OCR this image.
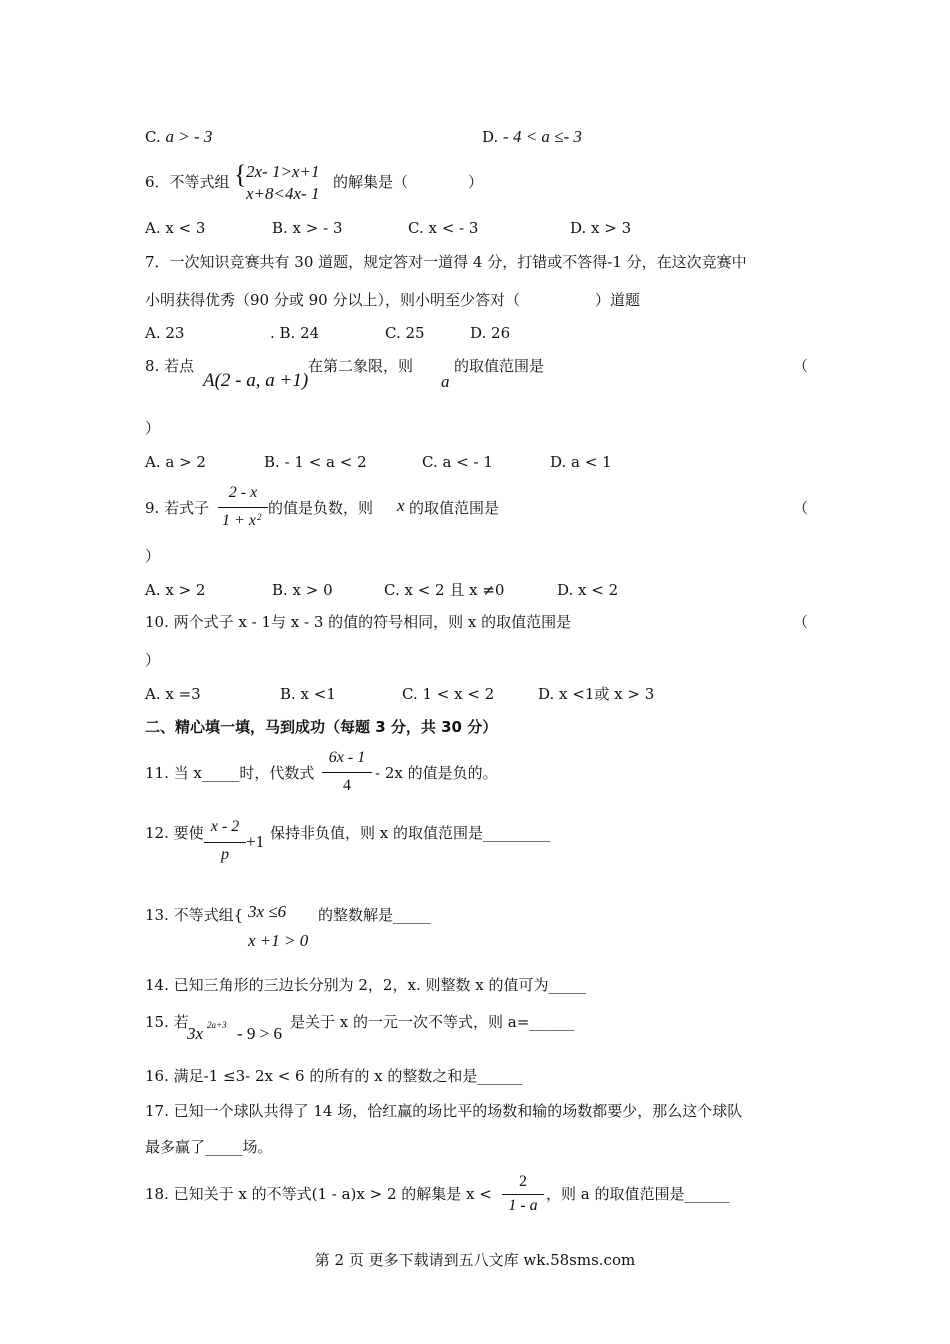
C. a > - 3	D. - 4 < a ≤- 3
6．不等式组 { 2x- 1>x+1
x+8<4x- 1
的解集是（　　　　）
A. x < 3	B. x > - 3	C. x < - 3	D. x > 3
7．一次知识竞赛共有 30 道题，规定答对一道得 4 分，打错或不答得-1 分，在这次竞赛中
小明获得优秀（90 分或 90 分以上），则小明至少答对（　　　　　）道题
A. 23	. B. 24	C. 25	D. 26
8. 若点
A(2 - a, a +1)
在第二象限，则
a
的取值范围是	（
）
A. a > 2	B. - 1 < a < 2	C. a < - 1	D. a < 1
9. 若式子
2 - x
1 + x 2 的值是负数，则 x 的取值范围是	（
）
A. x > 2	B. x > 0	C. x < 2 且 x ≠0	D. x < 2
10. 两个式子 x - 1与 x - 3 的值的符号相同，则 x 的取值范围是	（
）
A. x =3	B. x <1	C. 1 < x < 2	D. x <1或 x > 3
二、精心填一填，马到成功（每题 3 分，共 30 分）
11. 当 x_____时，代数式
6x - 1
4
- 2x 的值是负的。
12. 要使 x - 2
p
+1 保持非负值，则 x 的取值范围是_________
13. 不等式组{ 3x ≤6
x +1 > 0
的整数解是_____
14. 已知三角形的三边长分别为 2，2，x. 则整数 x 的值可为_____
15. 若
3x 2a+3 - 9 > 6
是关于 x 的一元一次不等式，则 a=______
16. 满足-1 ≤3- 2x < 6 的所有的 x 的整数之和是______
17. 已知一个球队共得了 14 场，恰红赢的场比平的场数和输的场数都要少，那么这个球队
最多赢了_____场。
18. 已知关于 x 的不等式(1 - a)x > 2 的解集是 x <
2
1 - a
，则 a 的取值范围是______
第 2 页 更多下载请到五八文库 wk.58sms.com
